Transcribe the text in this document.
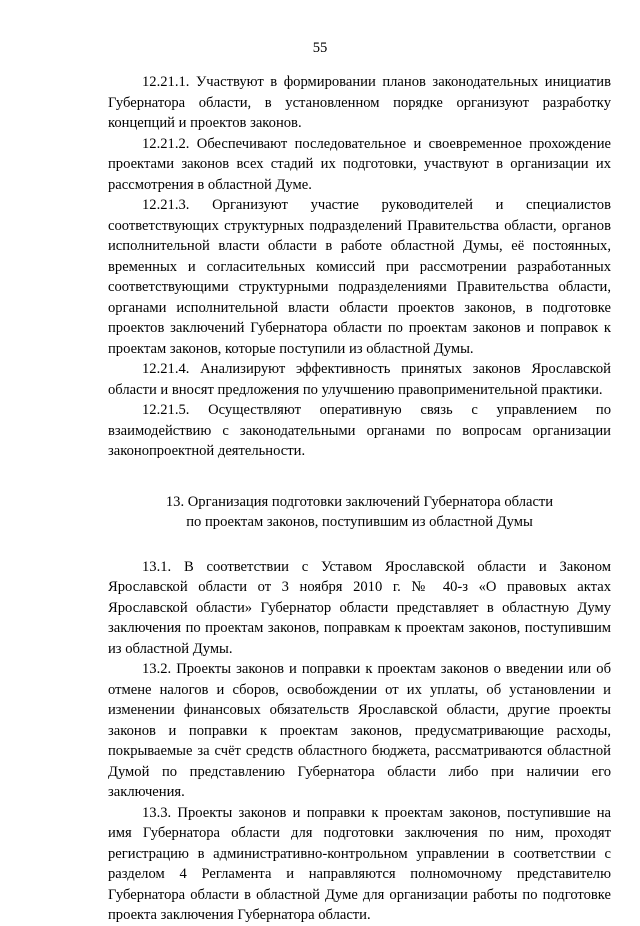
55

12.21.1. Участвуют в формировании планов законодательных инициатив Губернатора области, в установленном порядке организуют разработку концепций и проектов законов.

12.21.2. Обеспечивают последовательное и своевременное прохождение проектами законов всех стадий их подготовки, участвуют в организации их рассмотрения в областной Думе.

12.21.3. Организуют участие руководителей и специалистов соответствующих структурных подразделений Правительства области, органов исполнительной власти области в работе областной Думы, её постоянных, временных и согласительных комиссий при рассмотрении разработанных соответствующими структурными подразделениями Правительства области, органами исполнительной власти области проектов законов, в подготовке проектов заключений Губернатора области по проектам законов и поправок к проектам законов, которые поступили из областной Думы.

12.21.4. Анализируют эффективность принятых законов Ярославской области и вносят предложения по улучшению правоприменительной практики.

12.21.5. Осуществляют оперативную связь с управлением по взаимодействию с законодательными органами по вопросам организации законопроектной деятельности.

13. Организация подготовки заключений Губернатора области
по проектам законов, поступившим из областной Думы

13.1. В соответствии с Уставом Ярославской области и Законом Ярославской области от 3 ноября 2010 г. № 40-з «О правовых актах Ярославской области» Губернатор области представляет в областную Думу заключения по проектам законов, поправкам к проектам законов, поступившим из областной Думы.

13.2. Проекты законов и поправки к проектам законов о введении или об отмене налогов и сборов, освобождении от их уплаты, об установлении и изменении финансовых обязательств Ярославской области, другие проекты законов и поправки к проектам законов, предусматривающие расходы, покрываемые за счёт средств областного бюджета, рассматриваются областной Думой по представлению Губернатора области либо при наличии его заключения.

13.3. Проекты законов и поправки к проектам законов, поступившие на имя Губернатора области для подготовки заключения по ним, проходят регистрацию в административно-контрольном управлении в соответствии с разделом 4 Регламента и направляются полномочному представителю Губернатора области в областной Думе для организации работы по подготовке проекта заключения Губернатора области.
